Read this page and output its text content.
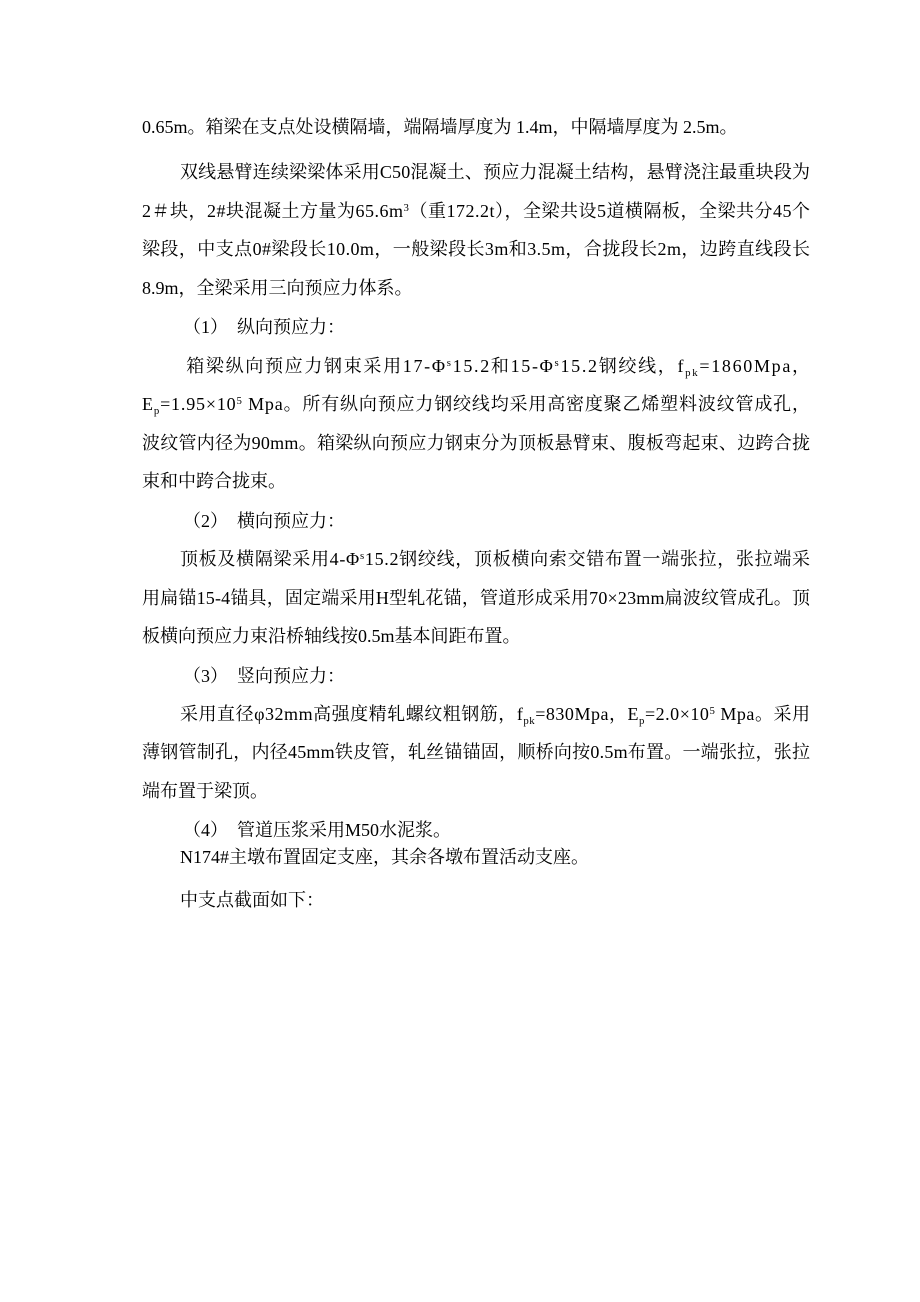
0.65m。箱梁在支点处设横隔墙，端隔墙厚度为 1.4m，中隔墙厚度为 2.5m。
双线悬臂连续梁梁体采用C50混凝土、预应力混凝土结构，悬臂浇注最重块段为
2＃块，2#块混凝土方量为$65.6m^3$（重172.2t），全梁共设5道横隔板，全梁共分45个
梁段，中支点0#梁段长10.0m，一般梁段长3m和3.5m，合拢段长2m，边跨直线段长
8.9m，全梁采用三向预应力体系。
（1）  纵向预应力：
箱梁纵向预应力钢束采用$17-\Phi^s15.2$和$15-\Phi^s15.2$钢绞线，$f_{pk}=1860Mpa$，
$E_p=1.95\times 10^5$ Mpa。所有纵向预应力钢绞线均采用高密度聚乙烯塑料波纹管成孔，
波纹管内径为90mm。箱梁纵向预应力钢束分为顶板悬臂束、腹板弯起束、边跨合拢
束和中跨合拢束。
（2）  横向预应力：
顶板及横隔梁采用$4-\Phi^s15.2$钢绞线，顶板横向索交错布置一端张拉，张拉端采
用扁锚15-4锚具，固定端采用H型轧花锚，管道形成采用70×23mm扁波纹管成孔。顶
板横向预应力束沿桥轴线按0.5m基本间距布置。
（3）  竖向预应力：
采用直径φ32mm高强度精轧螺纹粗钢筋，$f_{pk}=830Mpa$，$E_p=2.0\times 10^5$ Mpa。采用
薄钢管制孔，内径45mm铁皮管，轧丝锚锚固，顺桥向按0.5m布置。一端张拉，张拉
端布置于梁顶。
（4）  管道压浆采用M50水泥浆。
N174#主墩布置固定支座，其余各墩布置活动支座。
中支点截面如下：
